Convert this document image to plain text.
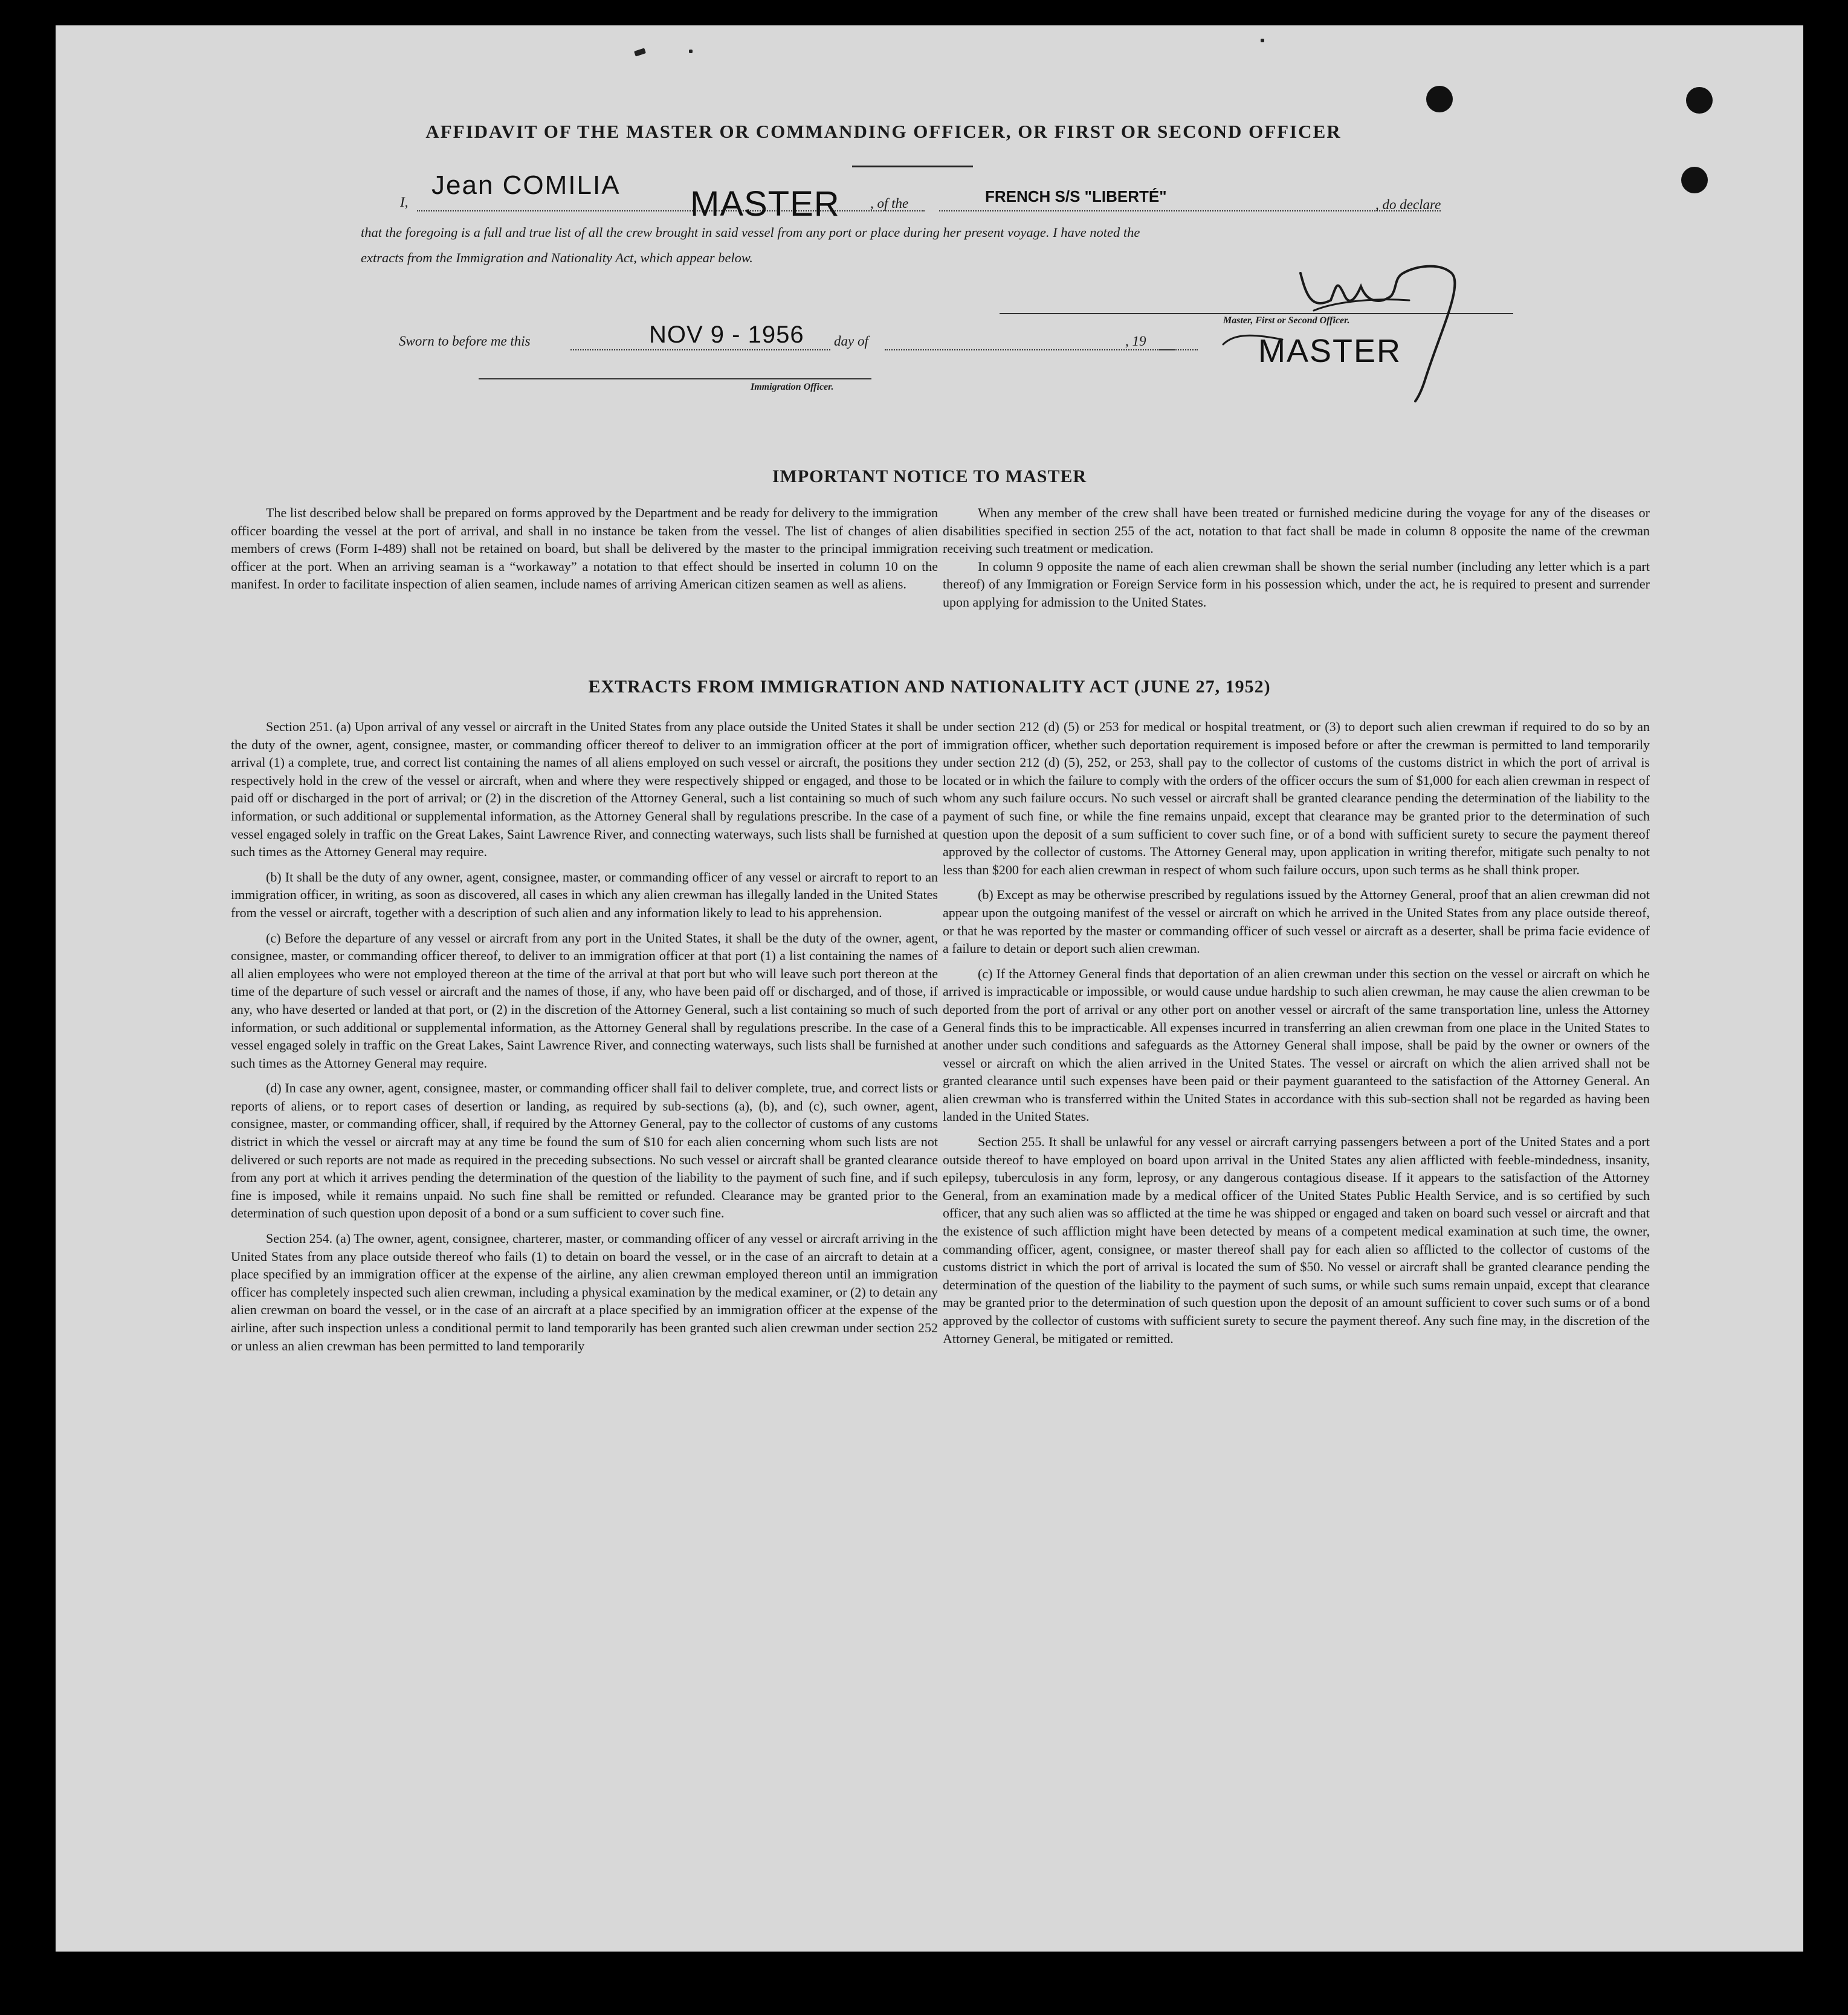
AFFIDAVIT OF THE MASTER OR COMMANDING OFFICER, OR FIRST OR SECOND OFFICER
I,
Jean COMILIA MASTER , of the	FRENCH S/S "LIBERTÉ"	, do declare
that the foregoing is a full and true list of all the crew brought in said vessel from any port or place during her present voyage. I have noted the
extracts from the Immigration and Nationality Act, which appear below.
Master, First or Second Officer.
MASTER
Sworn to before me this	NOV 9 - 1956 day of	, 19
Immigration Officer.
IMPORTANT NOTICE TO MASTER

The list described below shall be prepared on forms approved by the Department and be ready for delivery to the immigration officer boarding the vessel at the port of arrival, and shall in no instance be taken from the vessel. The list of changes of alien members of crews (Form I-489) shall not be retained on board, but shall be delivered by the master to the principal immigration officer at the port. When an arriving seaman is a “workaway” a notation to that effect should be inserted in column 10 on the manifest. In order to facilitate inspection of alien seamen, include names of arriving American citizen seamen as well as aliens.

When any member of the crew shall have been treated or furnished medicine during the voyage for any of the diseases or disabilities specified in section 255 of the act, notation to that fact shall be made in column 8 opposite the name of the crewman receiving such treatment or medication.

In column 9 opposite the name of each alien crewman shall be shown the serial number (including any letter which is a part thereof) of any Immigration or Foreign Service form in his possession which, under the act, he is required to present and surrender upon applying for admission to the United States.

EXTRACTS FROM IMMIGRATION AND NATIONALITY ACT (JUNE 27, 1952)

Section 251. (a) Upon arrival of any vessel or aircraft in the United States from any place outside the United States it shall be the duty of the owner, agent, consignee, master, or commanding officer thereof to deliver to an immigration officer at the port of arrival (1) a complete, true, and correct list containing the names of all aliens employed on such vessel or aircraft, the positions they respectively hold in the crew of the vessel or aircraft, when and where they were respectively shipped or engaged, and those to be paid off or discharged in the port of arrival; or (2) in the discretion of the Attorney General, such a list containing so much of such information, or such additional or supplemental information, as the Attorney General shall by regulations prescribe. In the case of a vessel engaged solely in traffic on the Great Lakes, Saint Lawrence River, and connecting waterways, such lists shall be furnished at such times as the Attorney General may require.

(b) It shall be the duty of any owner, agent, consignee, master, or commanding officer of any vessel or aircraft to report to an immigration officer, in writing, as soon as discovered, all cases in which any alien crewman has illegally landed in the United States from the vessel or aircraft, together with a description of such alien and any information likely to lead to his apprehension.

(c) Before the departure of any vessel or aircraft from any port in the United States, it shall be the duty of the owner, agent, consignee, master, or commanding officer thereof, to deliver to an immigration officer at that port (1) a list containing the names of all alien employees who were not employed thereon at the time of the arrival at that port but who will leave such port thereon at the time of the departure of such vessel or aircraft and the names of those, if any, who have been paid off or discharged, and of those, if any, who have deserted or landed at that port, or (2) in the discretion of the Attorney General, such a list containing so much of such information, or such additional or supplemental information, as the Attorney General shall by regulations prescribe. In the case of a vessel engaged solely in traffic on the Great Lakes, Saint Lawrence River, and connecting waterways, such lists shall be furnished at such times as the Attorney General may require.

(d) In case any owner, agent, consignee, master, or commanding officer shall fail to deliver complete, true, and correct lists or reports of aliens, or to report cases of desertion or landing, as required by sub-sections (a), (b), and (c), such owner, agent, consignee, master, or commanding officer, shall, if required by the Attorney General, pay to the collector of customs of any customs district in which the vessel or aircraft may at any time be found the sum of $10 for each alien concerning whom such lists are not delivered or such reports are not made as required in the preceding subsections. No such vessel or aircraft shall be granted clearance from any port at which it arrives pending the determination of the question of the liability to the payment of such fine, and if such fine is imposed, while it remains unpaid. No such fine shall be remitted or refunded. Clearance may be granted prior to the determination of such question upon deposit of a bond or a sum sufficient to cover such fine.

Section 254. (a) The owner, agent, consignee, charterer, master, or commanding officer of any vessel or aircraft arriving in the United States from any place outside thereof who fails (1) to detain on board the vessel, or in the case of an aircraft to detain at a place specified by an immigration officer at the expense of the airline, any alien crewman employed thereon until an immigration officer has completely inspected such alien crewman, including a physical examination by the medical examiner, or (2) to detain any alien crewman on board the vessel, or in the case of an aircraft at a place specified by an immigration officer at the expense of the airline, after such inspection unless a conditional permit to land temporarily has been granted such alien crewman under section 252 or unless an alien crewman has been permitted to land temporarily

under section 212 (d) (5) or 253 for medical or hospital treatment, or (3) to deport such alien crewman if required to do so by an immigration officer, whether such deportation requirement is imposed before or after the crewman is permitted to land temporarily under section 212 (d) (5), 252, or 253, shall pay to the collector of customs of the customs district in which the port of arrival is located or in which the failure to comply with the orders of the officer occurs the sum of $1,000 for each alien crewman in respect of whom any such failure occurs. No such vessel or aircraft shall be granted clearance pending the determination of the liability to the payment of such fine, or while the fine remains unpaid, except that clearance may be granted prior to the determination of such question upon the deposit of a sum sufficient to cover such fine, or of a bond with sufficient surety to secure the payment thereof approved by the collector of customs. The Attorney General may, upon application in writing therefor, mitigate such penalty to not less than $200 for each alien crewman in respect of whom such failure occurs, upon such terms as he shall think proper.

(b) Except as may be otherwise prescribed by regulations issued by the Attorney General, proof that an alien crewman did not appear upon the outgoing manifest of the vessel or aircraft on which he arrived in the United States from any place outside thereof, or that he was reported by the master or commanding officer of such vessel or aircraft as a deserter, shall be prima facie evidence of a failure to detain or deport such alien crewman.

(c) If the Attorney General finds that deportation of an alien crewman under this section on the vessel or aircraft on which he arrived is impracticable or impossible, or would cause undue hardship to such alien crewman, he may cause the alien crewman to be deported from the port of arrival or any other port on another vessel or aircraft of the same transportation line, unless the Attorney General finds this to be impracticable. All expenses incurred in transferring an alien crewman from one place in the United States to another under such conditions and safeguards as the Attorney General shall impose, shall be paid by the owner or owners of the vessel or aircraft on which the alien arrived in the United States. The vessel or aircraft on which the alien arrived shall not be granted clearance until such expenses have been paid or their payment guaranteed to the satisfaction of the Attorney General. An alien crewman who is transferred within the United States in accordance with this sub-section shall not be regarded as having been landed in the United States.

Section 255. It shall be unlawful for any vessel or aircraft carrying passengers between a port of the United States and a port outside thereof to have employed on board upon arrival in the United States any alien afflicted with feeble-mindedness, insanity, epilepsy, tuberculosis in any form, leprosy, or any dangerous contagious disease. If it appears to the satisfaction of the Attorney General, from an examination made by a medical officer of the United States Public Health Service, and is so certified by such officer, that any such alien was so afflicted at the time he was shipped or engaged and taken on board such vessel or aircraft and that the existence of such affliction might have been detected by means of a competent medical examination at such time, the owner, commanding officer, agent, consignee, or master thereof shall pay for each alien so afflicted to the collector of customs of the customs district in which the port of arrival is located the sum of $50. No vessel or aircraft shall be granted clearance pending the determination of the question of the liability to the payment of such sums, or while such sums remain unpaid, except that clearance may be granted prior to the determination of such question upon the deposit of an amount sufficient to cover such sums or of a bond approved by the collector of customs with sufficient surety to secure the payment thereof. Any such fine may, in the discretion of the Attorney General, be mitigated or remitted.
